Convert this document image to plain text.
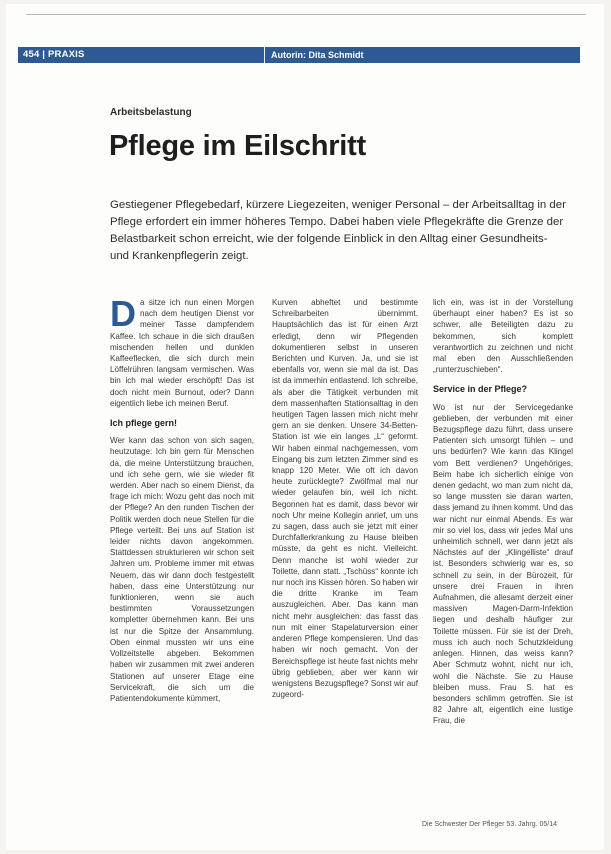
454 | PRAXIS	Autorin: Dita Schmidt
Arbeitsbelastung
Pflege im Eilschritt
Gestiegener Pflegebedarf, kürzere Liegezeiten, weniger Personal – der Arbeitsalltag in der Pflege erfordert ein immer höheres Tempo. Dabei haben viele Pflegekräfte die Grenze der Belastbarkeit schon erreicht, wie der folgende Einblick in den Alltag einer Gesundheits- und Krankenpflegerin zeigt.
D a sitze ich nun einen Morgen nach dem heutigen Dienst vor meiner Tasse dampfendem Kaffee. Ich schaue in die sich draußen mischenden hellen und dunklen Kaffeeflecken, die sich durch mein Löffelrühren langsam vermischen. Was bin ich mal wieder erschöpft! Das ist doch nicht mein Burnout, oder? Dann eigentlich liebe ich meinen Beruf.

Ich pflege gern!

Wer kann das schon von sich sagen, heutzutage: Ich bin gern für Menschen da, die meine Unterstützung brauchen, und ich sehe gern, wie sie wieder fit werden. Aber nach so einem Dienst, da frage ich mich: Wozu geht das noch mit der Pflege? An den runden Tischen der Politik werden doch neue Stellen für die Pflege verteilt. Bei uns auf Station ist leider nichts davon angekommen. Stattdessen strukturieren wir schon seit Jahren um. Probleme immer mit etwas Neuem, das wir dann doch festgestellt haben, dass eine Unterstützung nur funktionieren, wenn sie auch bestimmten Voraussetzungen kompletter übernehmen kann. Bei uns ist nur die Spitze der Ansammlung. Oben einmal mussten wir uns eine Vollzeitstelle abgeben. Bekommen haben wir zusammen mit zwei anderen Stationen auf unserer Etage eine Servicekraft, die sich um die Patientendokumente kümmert,

Kurven abheftet und bestimmte Schreibarbeiten übernimmt. Hauptsächlich das ist für einen Arzt erledigt, denn wir Pflegenden dokumentieren selbst in unseren Berichten und Kurven. Ja, und sie ist ebenfalls vor, wenn sie mal da ist. Das ist da immerhin entlastend. Ich schreibe, als aber die Tätigkeit verbunden mit dem massenhaften Stationsalltag in den heutigen Tagen lassen mich nicht mehr gern an sie denken. Unsere 34-Betten-Station ist wie ein langes „L“ geformt. Wir haben einmal nachgemessen, vom Eingang bis zum letzten Zimmer sind es knapp 120 Meter. Wie oft ich davon heute zurücklegte? Zwölfmal mal nur wieder gelaufen bin, weil ich nicht. Begonnen hat es damit, dass bevor wir noch Uhr meine Kollegin anrief, um uns zu sagen, dass auch sie jetzt mit einer Durchfallerkrankung zu Hause bleiben müsste, da geht es nicht. Vielleicht. Denn manche ist wohl wieder zur Toilette, dann statt. „Tschüss“ konnte ich nur noch ins Kissen hören. So haben wir die dritte Kranke im Team auszugleichen. Aber. Das kann man nicht mehr ausgleichen: das fasst das nun mit einer Stapelaturversion einer anderen Pflege kompensieren. Und das haben wir noch gemacht. Von der Bereichspflege ist heute fast nichts mehr übrig geblieben, aber wer kann wir wenigstens Bezugspflege? Sonst wir auf zugeord-

lich ein, was ist in der Vorstellung überhaupt einer haben? Es ist so schwer, alle Beteiligten dazu zu bekommen, sich komplett verantwortlich zu zeichnen und nicht mal eben den Ausschließenden „runterzuschieben“.

Service in der Pflege?

Wo ist nur der Servicegedanke geblieben, der verbunden mit einer Bezugspflege dazu führt, dass unsere Patienten sich umsorgt fühlen – und uns bedürfen? Wie kann das Klingel vom Bett verdienen? Ungehöriges, Beim habe ich sicherlich einige von denen gedacht, wo man zum nicht da, so lange mussten sie daran warten, dass jemand zu ihnen kommt. Und das war nicht nur einmal Abends. Es war mir so viel los, dass wir jedes Mal uns unheimlich schnell, wer dann jetzt als Nächstes auf der „Klingelliste“ drauf ist. Besonders schwierig war es, so schnell zu sein, in der Bürozeit, für unsere drei Frauen in ihren Aufnahmen, die allesamt derzeit einer massiven Magen-Darm-Infektion liegen und deshalb häufiger zur Toilette müssen. Für sie ist der Dreh, muss ich auch noch Schutzkleidung anlegen. Hinnen, das weiss kann? Aber Schmutz wohnt, nicht nur ich, wohl die Nächste. Sie zu Hause bleiben muss. Frau S. hat es besonders schlimm getroffen. Sie ist 82 Jahre alt, eigentlich eine lustige Frau, die

Die Schwester Der Pfleger 53. Jahrg. 05/14
